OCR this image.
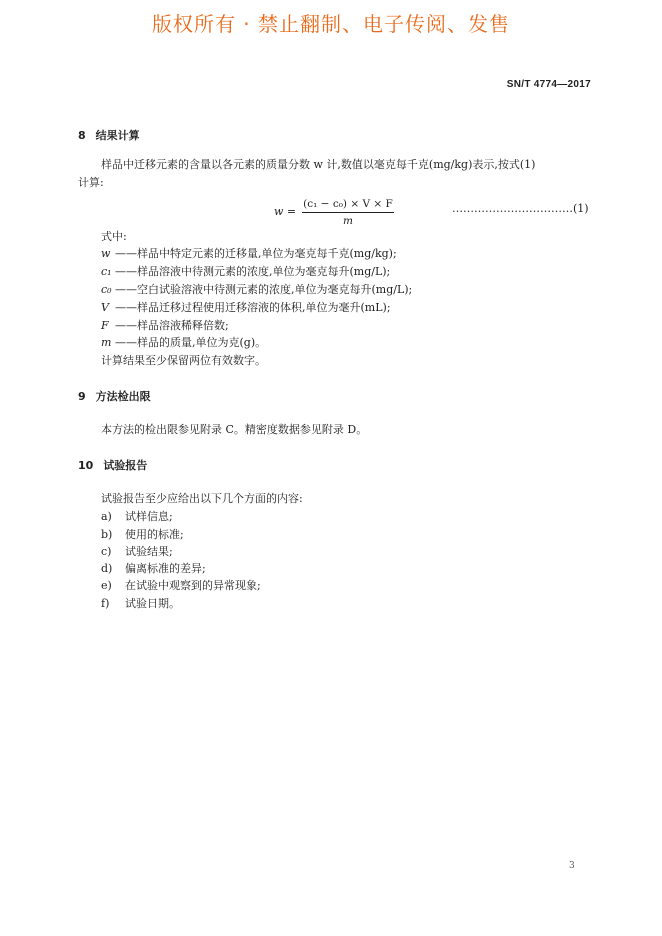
版权所有 · 禁止翻制、电子传阅、发售
SN/T 4774—2017
8 结果计算
样品中迁移元素的含量以各元素的质量分数 w 计,数值以毫克每千克(mg/kg)表示,按式(1)
计算:
w =
(c₁ − c₀) × V × F
m
……………………………(1)
式中:
w ——样品中特定元素的迁移量,单位为毫克每千克(mg/kg);
c₁ ——样品溶液中待测元素的浓度,单位为毫克每升(mg/L);
c₀ ——空白试验溶液中待测元素的浓度,单位为毫克每升(mg/L);
V ——样品迁移过程使用迁移溶液的体积,单位为毫升(mL);
F ——样品溶液稀释倍数;
m ——样品的质量,单位为克(g)。
计算结果至少保留两位有效数字。
9 方法检出限
本方法的检出限参见附录 C。精密度数据参见附录 D。
10 试验报告
试验报告至少应给出以下几个方面的内容:
a) 试样信息;
b) 使用的标准;
c) 试验结果;
d) 偏离标准的差异;
e) 在试验中观察到的异常现象;
f) 试验日期。
3
